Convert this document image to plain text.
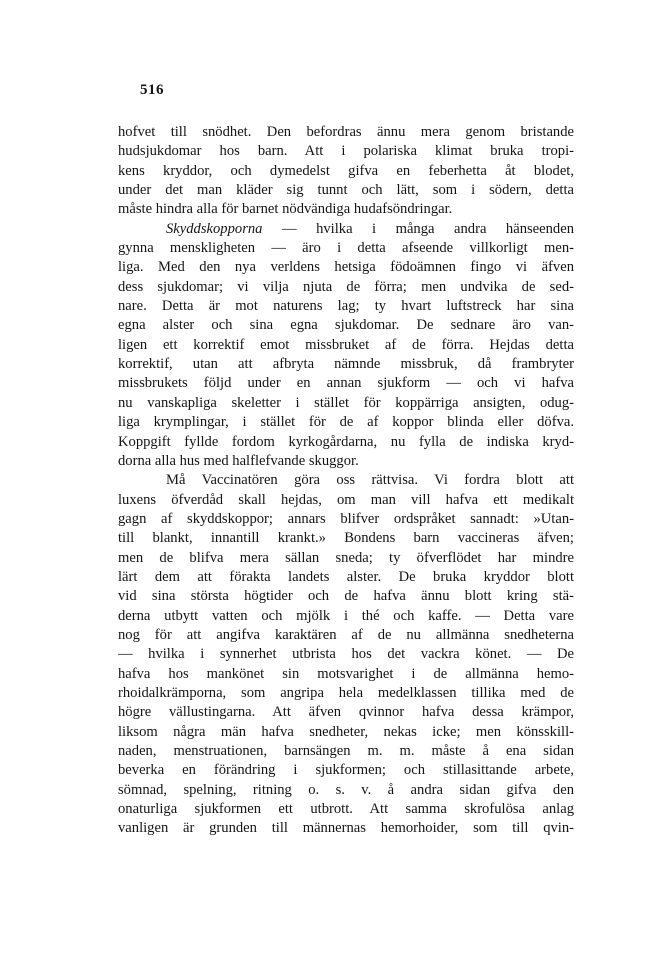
516
hofvet till snödhet. Den befordras ännu mera genom bristande
hudsjukdomar hos barn. Att i polariska klimat bruka tropi-
kens kryddor, och dymedelst gifva en feberhetta åt blodet,
under det man kläder sig tunnt och lätt, som i södern, detta
måste hindra alla för barnet nödvändiga hudafsöndringar.
Skyddskopporna — hvilka i många andra hänseenden
gynna menskligheten — äro i detta afseende villkorligt men-
liga. Med den nya verldens hetsiga födoämnen fingo vi äfven
dess sjukdomar; vi vilja njuta de förra; men undvika de sed-
nare. Detta är mot naturens lag; ty hvart luftstreck har sina
egna alster och sina egna sjukdomar. De sednare äro van-
ligen ett korrektif emot missbruket af de förra. Hejdas detta
korrektif, utan att afbryta nämnde missbruk, då frambryter
missbrukets följd under en annan sjukform — och vi hafva
nu vanskapliga skeletter i stället för koppärriga ansigten, odug-
liga krymplingar, i stället för de af koppor blinda eller döfva.
Koppgift fyllde fordom kyrkogårdarna, nu fylla de indiska kryd-
dorna alla hus med halflefvande skuggor.
Må Vaccinatören göra oss rättvisa. Vi fordra blott att
luxens öfverdåd skall hejdas, om man vill hafva ett medikalt
gagn af skyddskoppor; annars blifver ordspråket sannadt: »Utan-
till blankt, innantill krankt.» Bondens barn vaccineras äfven;
men de blifva mera sällan sneda; ty öfverflödet har mindre
lärt dem att förakta landets alster. De bruka kryddor blott
vid sina största högtider och de hafva ännu blott kring stä-
derna utbytt vatten och mjölk i thé och kaffe. — Detta vare
nog för att angifva karaktären af de nu allmänna snedheterna
— hvilka i synnerhet utbrista hos det vackra könet. — De
hafva hos mankönet sin motsvarighet i de allmänna hemo-
rhoidalkrämporna, som angripa hela medelklassen tillika med de
högre vällustingarna. Att äfven qvinnor hafva dessa krämpor,
liksom några män hafva snedheter, nekas icke; men könsskill-
naden, menstruationen, barnsängen m. m. måste å ena sidan
beverka en förändring i sjukformen; och stillasittande arbete,
sömnad, spelning, ritning o. s. v. å andra sidan gifva den
onaturliga sjukformen ett utbrott. Att samma skrofulösa anlag
vanligen är grunden till männernas hemorhoider, som till qvin-
